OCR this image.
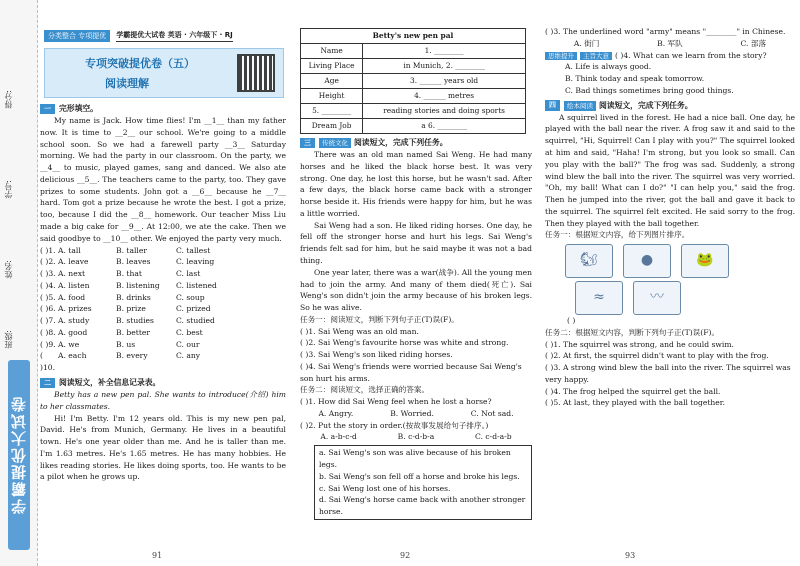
得分:
学号:
姓名:
班级:
学霸提优大试卷
分类整合 专项提优	学霸提优大试卷 英语 · 六年级下 · RJ
专项突破提优卷（五）
阅读理解
一	完形填空。
My name is Jack. How time flies! I'm __1__ than my father now. It is time to __2__ our school. We're going to a middle school soon. So we had a farewell party __3__ Saturday morning. We had the party in our classroom. On the party, we __4__ to music, played games, sang and danced. We also ate delicious __5__. The teachers came to the party, too. They gave prizes to some students. John got a __6__ because he __7__ hard. Tom got a prize because he wrote the best. I got a prize, too, because I did the __8__ homework. Our teacher Miss Liu made a big cake for __9__. At 12:00, we ate the cake. Then we said goodbye to __10__ other. We enjoyed the party very much.
( )1. A. tall	B. taller	C. tallest
( )2. A. leave	B. leaves	C. leaving
( )3. A. next	B. that	C. last
( )4. A. listen	B. listening	C. listened
( )5. A. food	B. drinks	C. soup
( )6. A. prizes	B. prize	C. prized
( )7. A. study	B. studies	C. studied
( )8. A. good	B. better	C. best
( )9. A. we	B. us	C. our
( )10.
A. each	B. every	C. any
二	阅读短文，补全信息记录表。
Betty has a new pen pal. She wants to introduce(介绍) him to her classmates.
Hi! I'm Betty. I'm 12 years old. This is my new pen pal, David. He's from Munich, Germany. He lives in a beautiful town. He's one year older than me. And he is taller than me. I'm 1.63 metres. He's 1.65 metres. He has many hobbies. He likes reading stories. He likes doing sports, too. He wants to be a pilot when he grows up.
91
Betty's new pen pal	
Name	1. ________
Living Place	in Munich, 2. ________
Age	3. ______ years old
Height	4. ______ metres
5. ________	reading stories and doing sports
Dream Job	a 6. ________
三	传统文化 阅读短文，完成下列任务。
There was an old man named Sai Weng. He had many horses and he liked the black horse best. It was very strong. One day, he lost this horse, but he wasn't sad. After a few days, the black horse came back with a stronger horse beside it. His friends were happy for him, but he was a little worried.
Sai Weng had a son. He liked riding horses. One day, he fell off the stronger horse and hurt his legs. Sai Weng's friends felt sad for him, but he said maybe it was not a bad thing.
One year later, there was a war(战争). All the young men had to join the army. And many of them died(死亡). Sai Weng's son didn't join the army because of his broken legs. So he was alive.
任务一：阅读短文，判断下列句子正(T)误(F)。
( )1. Sai Weng was an old man.
( )2. Sai Weng's favourite horse was white and strong.
( )3. Sai Weng's son liked riding horses.
( )4. Sai Weng's friends were worried because Sai Weng's son hurt his arms.
任务二：阅读短文，选择正确的答案。
( )1. How did Sai Weng feel when he lost a horse?
A. Angry.	B. Worried.	C. Not sad.
( )2. Put the story in order.(按故事发展给句子排序。)
A. a-b-c-d	B. c-d-b-a	C. c-d-a-b
a. Sai Weng's son was alive because of his broken legs.
b. Sai Weng's son fell off a horse and broke his legs.
c. Sai Weng lost one of his horses.
d. Sai Weng's horse came back with another stronger horse.
92
( )3. The underlined word "army" means "________" in Chinese.
A. 街门	B. 军队	C. 部落
思维提升 主旨大意 ( )4. What can we learn from the story?
A. Life is always good.
B. Think today and speak tomorrow.
C. Bad things sometimes bring good things.
四	绘本阅读 阅读短文，完成下列任务。
A squirrel lived in the forest. He had a nice ball. One day, he played with the ball near the river. A frog saw it and said to the squirrel, "Hi, Squirrel! Can I play with you?" The squirrel looked at him and said, "Haha! I'm strong, but you look so small. Can you play with the ball?" The frog was sad. Suddenly, a strong wind blew the ball into the river. The squirrel was very worried. "Oh, my ball! What can I do?" "I can help you," said the frog. Then he jumped into the river, got the ball and gave it back to the squirrel. The squirrel felt excited. He said sorry to the frog. Then they played with the ball together.
任务一：根据短文内容，给下列图片排序。
🐿	●	🐸
≈	〰
( )
任务二：根据短文内容，判断下列句子正(T)误(F)。
( )1. The squirrel was strong, and he could swim.
( )2. At first, the squirrel didn't want to play with the frog.
( )3. A strong wind blew the ball into the river. The squirrel was very happy.
( )4. The frog helped the squirrel get the ball.
( )5. At last, they played with the ball together.
93
